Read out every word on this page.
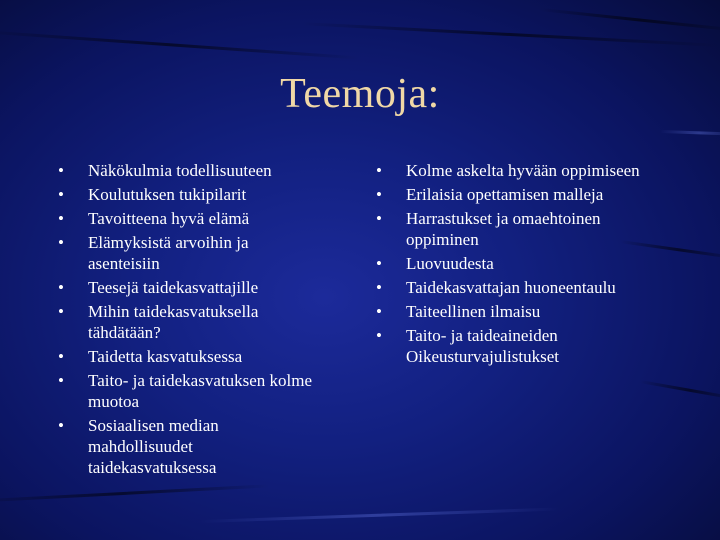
Teemoja:
•	Näkökulmia todellisuuteen
•	Koulutuksen tukipilarit
•	Tavoitteena hyvä elämä
•	Elämyksistä arvoihin ja asenteisiin
•	Teesejä taidekasvattajille
•	Mihin taidekasvatuksella tähdätään?
•	Taidetta kasvatuksessa
•	Taito- ja taidekasvatuksen kolme muotoa
•	Sosiaalisen median mahdollisuudet taidekasvatuksessa
•	Kolme askelta hyvään oppimiseen
•	Erilaisia opettamisen malleja
•	Harrastukset ja omaehtoinen oppiminen
•	Luovuudesta
•	Taidekasvattajan huoneentaulu
•	Taiteellinen ilmaisu
•	Taito- ja taideaineiden Oikeusturvajulistukset
